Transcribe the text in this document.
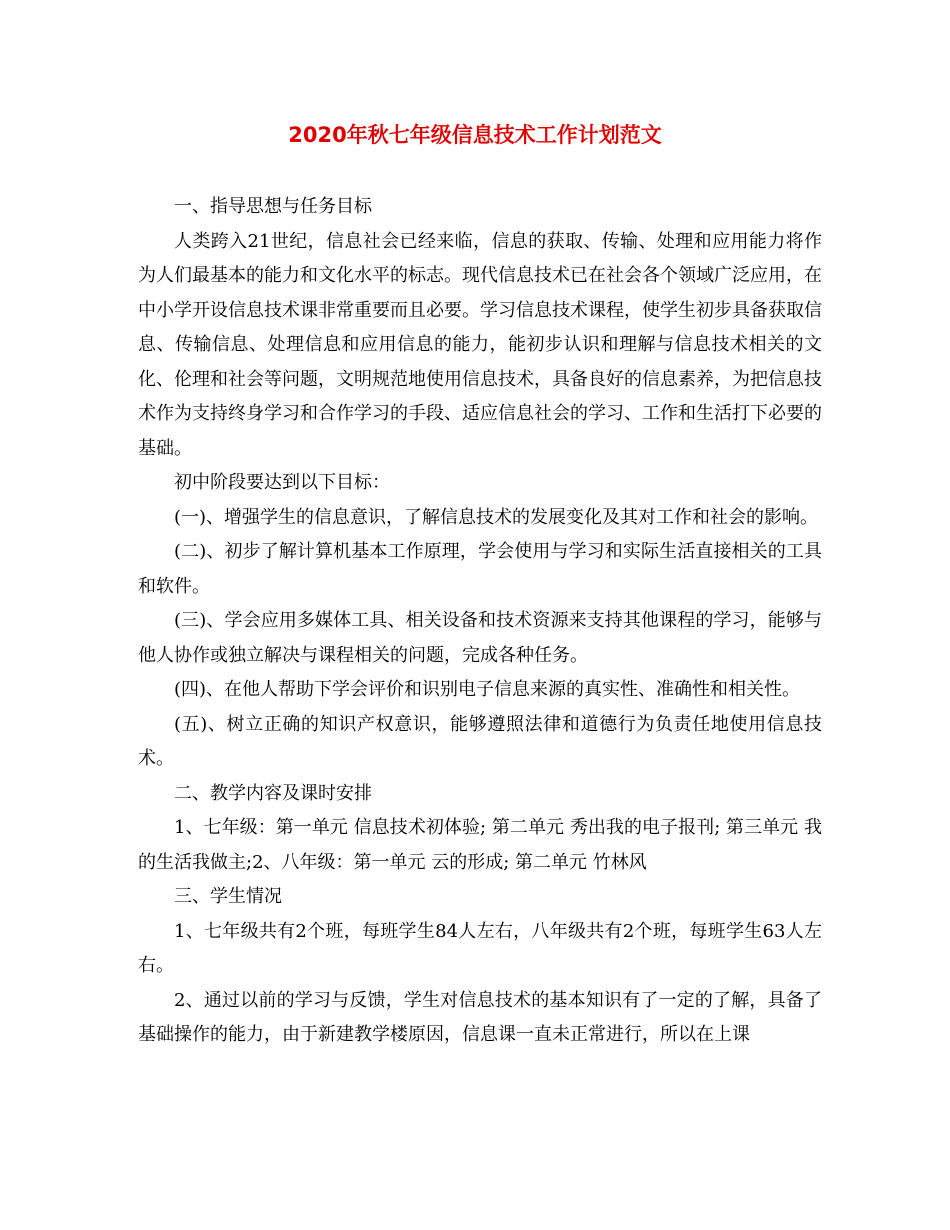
2020年秋七年级信息技术工作计划范文

一、指导思想与任务目标

人类跨入21世纪，信息社会已经来临，信息的获取、传输、处理和应用能力将作为人们最基本的能力和文化水平的标志。现代信息技术已在社会各个领域广泛应用，在中小学开设信息技术课非常重要而且必要。学习信息技术课程，使学生初步具备获取信息、传输信息、处理信息和应用信息的能力，能初步认识和理解与信息技术相关的文化、伦理和社会等问题，文明规范地使用信息技术，具备良好的信息素养，为把信息技术作为支持终身学习和合作学习的手段、适应信息社会的学习、工作和生活打下必要的基础。

初中阶段要达到以下目标：

(一)、增强学生的信息意识，了解信息技术的发展变化及其对工作和社会的影响。

(二)、初步了解计算机基本工作原理，学会使用与学习和实际生活直接相关的工具和软件。

(三)、学会应用多媒体工具、相关设备和技术资源来支持其他课程的学习，能够与他人协作或独立解决与课程相关的问题，完成各种任务。

(四)、在他人帮助下学会评价和识别电子信息来源的真实性、准确性和相关性。

(五)、树立正确的知识产权意识，能够遵照法律和道德行为负责任地使用信息技术。

二、教学内容及课时安排

1、七年级：第一单元 信息技术初体验; 第二单元 秀出我的电子报刊; 第三单元 我的生活我做主;2、八年级：第一单元 云的形成; 第二单元 竹林风

三、学生情况

1、七年级共有2个班，每班学生84人左右，八年级共有2个班，每班学生63人左右。

2、通过以前的学习与反馈，学生对信息技术的基本知识有了一定的了解，具备了基础操作的能力，由于新建教学楼原因，信息课一直未正常进行，所以在上课
